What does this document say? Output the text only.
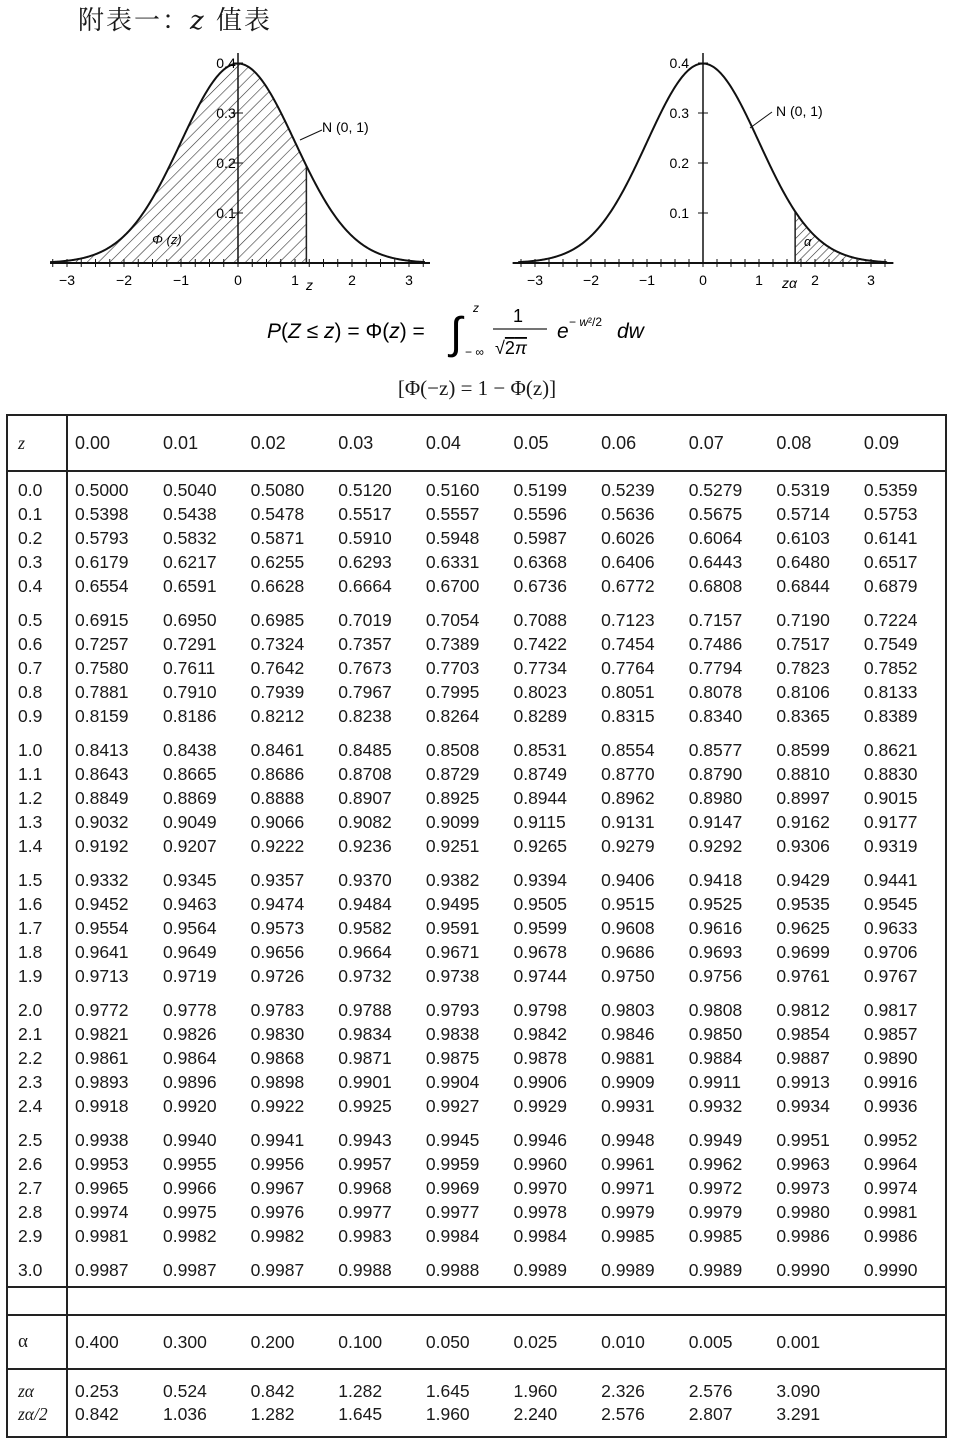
附表一：z 值表
−3	−2	−1	0	1	2	3
0.1
0.2
0.3
0.4
N (0, 1)
Φ (z)
z	−3	−2	−1	0	1	2	3
0.1
0.2
0.3
0.4
N (0, 1)
α
zα
P(Z ≤ z) = Φ(z) = ∫
z
− ∞
1
√2π
e − w²/2 dw
[Φ(−z) = 1 − Φ(z)]
z	0.00	0.01	0.02	0.03	0.04	0.05	0.06	0.07	0.08	0.09
0.0	0.5000	0.5040	0.5080	0.5120	0.5160	0.5199	0.5239	0.5279	0.5319	0.5359
0.1	0.5398	0.5438	0.5478	0.5517	0.5557	0.5596	0.5636	0.5675	0.5714	0.5753
0.2	0.5793	0.5832	0.5871	0.5910	0.5948	0.5987	0.6026	0.6064	0.6103	0.6141
0.3	0.6179	0.6217	0.6255	0.6293	0.6331	0.6368	0.6406	0.6443	0.6480	0.6517
0.4	0.6554	0.6591	0.6628	0.6664	0.6700	0.6736	0.6772	0.6808	0.6844	0.6879
0.5	0.6915	0.6950	0.6985	0.7019	0.7054	0.7088	0.7123	0.7157	0.7190	0.7224
0.6	0.7257	0.7291	0.7324	0.7357	0.7389	0.7422	0.7454	0.7486	0.7517	0.7549
0.7	0.7580	0.7611	0.7642	0.7673	0.7703	0.7734	0.7764	0.7794	0.7823	0.7852
0.8	0.7881	0.7910	0.7939	0.7967	0.7995	0.8023	0.8051	0.8078	0.8106	0.8133
0.9	0.8159	0.8186	0.8212	0.8238	0.8264	0.8289	0.8315	0.8340	0.8365	0.8389
1.0	0.8413	0.8438	0.8461	0.8485	0.8508	0.8531	0.8554	0.8577	0.8599	0.8621
1.1	0.8643	0.8665	0.8686	0.8708	0.8729	0.8749	0.8770	0.8790	0.8810	0.8830
1.2	0.8849	0.8869	0.8888	0.8907	0.8925	0.8944	0.8962	0.8980	0.8997	0.9015
1.3	0.9032	0.9049	0.9066	0.9082	0.9099	0.9115	0.9131	0.9147	0.9162	0.9177
1.4	0.9192	0.9207	0.9222	0.9236	0.9251	0.9265	0.9279	0.9292	0.9306	0.9319
1.5	0.9332	0.9345	0.9357	0.9370	0.9382	0.9394	0.9406	0.9418	0.9429	0.9441
1.6	0.9452	0.9463	0.9474	0.9484	0.9495	0.9505	0.9515	0.9525	0.9535	0.9545
1.7	0.9554	0.9564	0.9573	0.9582	0.9591	0.9599	0.9608	0.9616	0.9625	0.9633
1.8	0.9641	0.9649	0.9656	0.9664	0.9671	0.9678	0.9686	0.9693	0.9699	0.9706
1.9	0.9713	0.9719	0.9726	0.9732	0.9738	0.9744	0.9750	0.9756	0.9761	0.9767
2.0	0.9772	0.9778	0.9783	0.9788	0.9793	0.9798	0.9803	0.9808	0.9812	0.9817
2.1	0.9821	0.9826	0.9830	0.9834	0.9838	0.9842	0.9846	0.9850	0.9854	0.9857
2.2	0.9861	0.9864	0.9868	0.9871	0.9875	0.9878	0.9881	0.9884	0.9887	0.9890
2.3	0.9893	0.9896	0.9898	0.9901	0.9904	0.9906	0.9909	0.9911	0.9913	0.9916
2.4	0.9918	0.9920	0.9922	0.9925	0.9927	0.9929	0.9931	0.9932	0.9934	0.9936
2.5	0.9938	0.9940	0.9941	0.9943	0.9945	0.9946	0.9948	0.9949	0.9951	0.9952
2.6	0.9953	0.9955	0.9956	0.9957	0.9959	0.9960	0.9961	0.9962	0.9963	0.9964
2.7	0.9965	0.9966	0.9967	0.9968	0.9969	0.9970	0.9971	0.9972	0.9973	0.9974
2.8	0.9974	0.9975	0.9976	0.9977	0.9977	0.9978	0.9979	0.9979	0.9980	0.9981
2.9	0.9981	0.9982	0.9982	0.9983	0.9984	0.9984	0.9985	0.9985	0.9986	0.9986
3.0	0.9987	0.9987	0.9987	0.9988	0.9988	0.9989	0.9989	0.9989	0.9990	0.9990

α	0.400	0.300	0.200	0.100	0.050	0.025	0.010	0.005	0.001	
zα	0.253	0.524	0.842	1.282	1.645	1.960	2.326	2.576	3.090	
zα/2	0.842	1.036	1.282	1.645	1.960	2.240	2.576	2.807	3.291	
